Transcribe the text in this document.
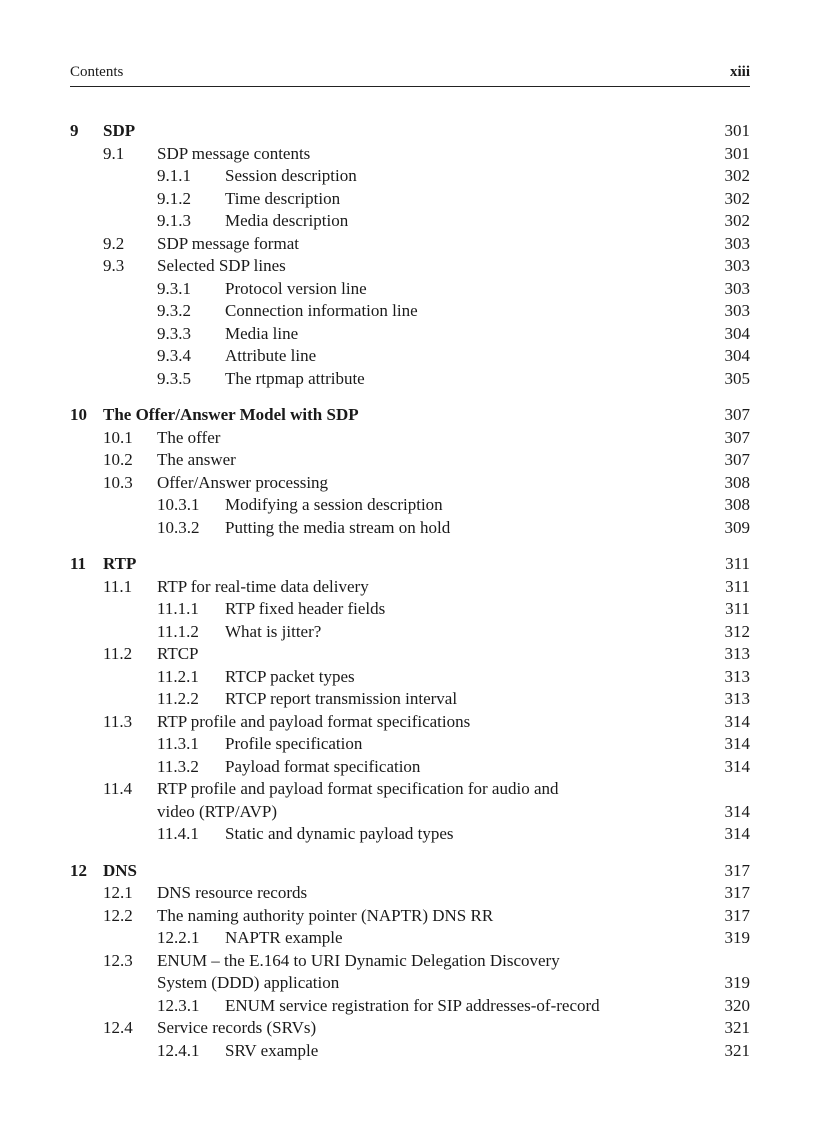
Contents	xiii
9 SDP	301
9.1 SDP message contents	301
9.1.1 Session description	302
9.1.2 Time description	302
9.1.3 Media description	302
9.2 SDP message format	303
9.3 Selected SDP lines	303
9.3.1 Protocol version line	303
9.3.2 Connection information line	303
9.3.3 Media line	304
9.3.4 Attribute line	304
9.3.5 The rtpmap attribute	305
10 The Offer/Answer Model with SDP	307
10.1 The offer	307
10.2 The answer	307
10.3 Offer/Answer processing	308
10.3.1 Modifying a session description	308
10.3.2 Putting the media stream on hold	309
11 RTP	311
11.1 RTP for real-time data delivery	311
11.1.1 RTP fixed header fields	311
11.1.2 What is jitter?	312
11.2 RTCP	313
11.2.1 RTCP packet types	313
11.2.2 RTCP report transmission interval	313
11.3 RTP profile and payload format specifications	314
11.3.1 Profile specification	314
11.3.2 Payload format specification	314
11.4 RTP profile and payload format specification for audio and
video (RTP/AVP)	314
11.4.1 Static and dynamic payload types	314
12 DNS	317
12.1 DNS resource records	317
12.2 The naming authority pointer (NAPTR) DNS RR	317
12.2.1 NAPTR example	319
12.3 ENUM – the E.164 to URI Dynamic Delegation Discovery
System (DDD) application	319
12.3.1 ENUM service registration for SIP addresses-of-record	320
12.4 Service records (SRVs)	321
12.4.1 SRV example	321
